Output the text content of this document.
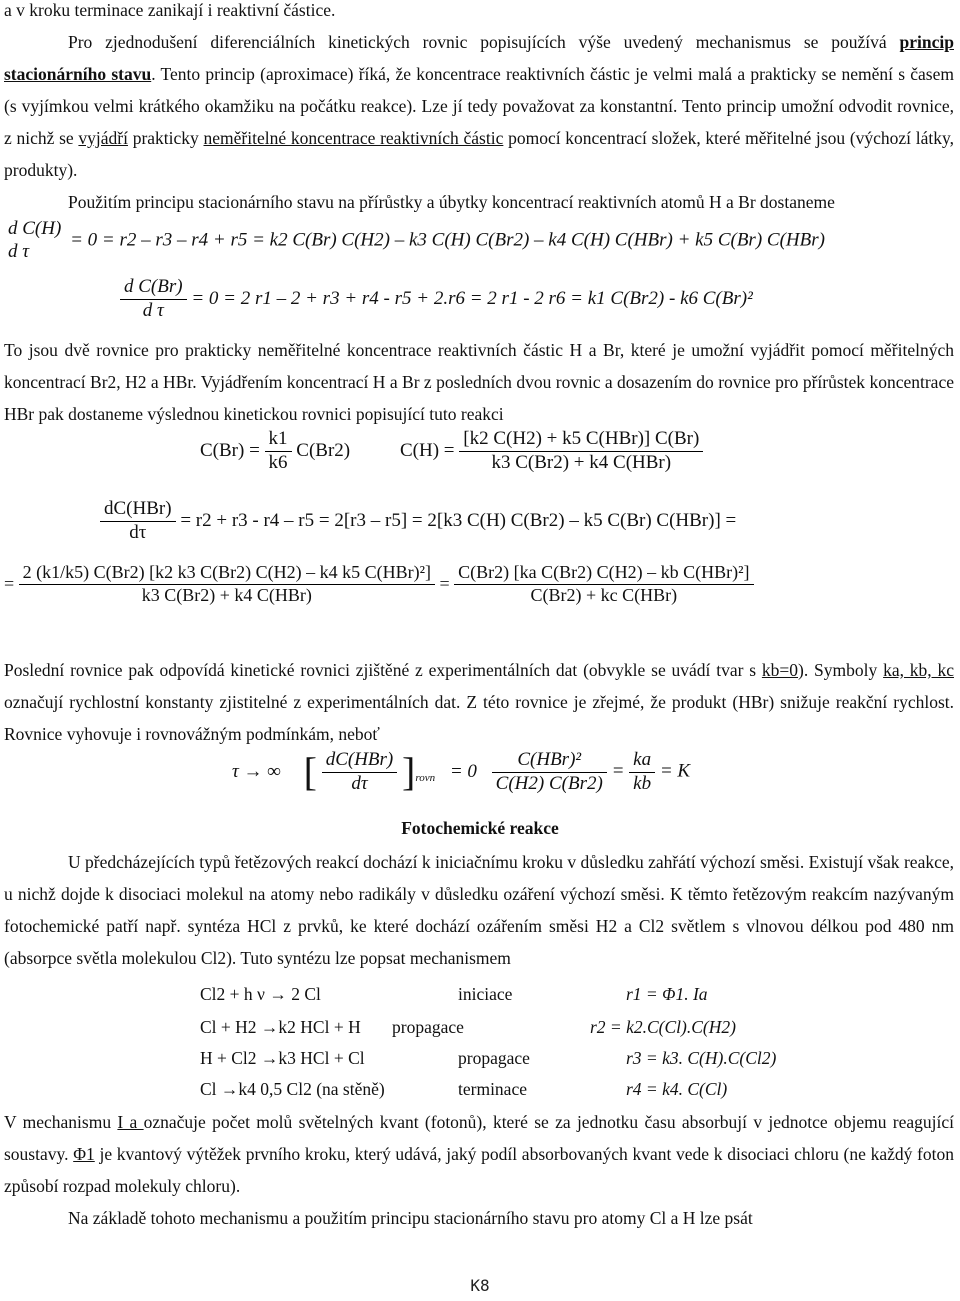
a v kroku terminace zanikají i reaktivní částice.

Pro zjednodušení diferenciálních kinetických rovnic popisujících výše uvedený mechanismus se používá princip stacionárního stavu. Tento princip (aproximace) říká, že koncentrace reaktivních částic je velmi malá a prakticky se nemění s časem (s vyjímkou velmi krátkého okamžiku na počátku reakce). Lze jí tedy považovat za konstantní. Tento princip umožní odvodit rovnice, z nichž se vyjádří prakticky neměřitelné koncentrace reaktivních částic pomocí koncentrací složek, které měřitelné jsou (výchozí látky, produkty).

Použitím principu stacionárního stavu na přírůstky a úbytky koncentrací reaktivních atomů H a Br dostaneme

d C(H)
d τ
= 0 = r2 – r3 – r4 + r5 = k2 C(Br) C(H2) – k3 C(H) C(Br2) – k4 C(H) C(HBr) + k5 C(Br) C(HBr)
$\frac{\text{d C(Br)}}{\text{d τ}} = 0 = 2$ r1 – 2 + r3 + r4 - r5 + 2.r6 = 2 r1 - 2 r6 = k1 C(Br2) - k6 C(Br)²

To jsou dvě rovnice pro prakticky neměřitelné koncentrace reaktivních částic H a Br, které je umožní vyjádřit pomocí měřitelných koncentrací Br2, H2 a HBr. Vyjádřením koncentrací H a Br z posledních dvou rovnic a dosazením do rovnice pro přírůstek koncentrace HBr pak dostaneme výslednou kinetickou rovnici popisující tuto reakci

$C(Br) = \frac{k1}{k6} C(Br2)$	$C(H) = \frac{\text{[k2 C(H2) + k5 C(HBr)] C(Br)}}{\text{k3 C(Br2) + k4 C(HBr)}}$
$\frac{\text{dC(HBr)}}{d\tau} = r2 + r3 - r4 - r5 = 2[r3 - r5] = 2[k3$ C(H) C(Br2) – k5 C(Br) C(HBr)] =
= $\frac{\text{2 (k1/k5) C(Br2) [k2 k3 C(Br2) C(H2) – k4 k5 C(HBr)²]}}{\text{k3 C(Br2) + k4 C(HBr)}} = \frac{\text{C(Br2) [ka C(Br2) C(H2) – kb C(HBr)²]}}{\text{C(Br2) + kc C(HBr)}}$

Poslední rovnice pak odpovídá kinetické rovnici zjištěné z experimentálních dat (obvykle se uvádí tvar s kb=0). Symboly ka, kb, kc označují rychlostní konstanty zjistitelné z experimentálních dat. Z této rovnice je zřejmé, že produkt (HBr) snižuje reakční rychlost. Rovnice vyhovuje i rovnovážným podmínkám, neboť

τ → ∞ [ $\frac{\text{dC(HBr)}}{d\tau} ]_{rovn} = 0 \frac{\text{C(HBr)²}}{C(H2) C(Br2)} = \frac{ka}{kb} = K$
Fotochemické reakce

U předcházejících typů řetězových reakcí dochází k iniciačnímu kroku v důsledku zahřátí výchozí směsi. Existují však reakce, u nichž dojde k disociaci molekul na atomy nebo radikály v důsledku ozáření výchozí směsi. K těmto řetězovým reakcím nazývaným fotochemické patří např. syntéza HCl z prvků, ke které dochází ozářením směsi H2 a Cl2 světlem s vlnovou délkou pod 480 nm (absorpce světla molekulou Cl2). Tuto syntézu lze popsat mechanismem

Cl2 + h ν → 2 Cl	iniciace	r1 = Φ1. Ia
Cl + H2 →k2 HCl + H propagace	r2 = k2.C(Cl).C(H2)
H + Cl2 →k3 HCl + Cl	propagace	r3 = k3. C(H).C(Cl2)
Cl →k4 0,5 Cl2 (na stěně)	terminace	r4 = k4. C(Cl)

V mechanismu I a označuje počet molů světelných kvant (fotonů), které se za jednotku času absorbují v jednotce objemu reagující soustavy. Φ1 je kvantový výtěžek prvního kroku, který udává, jaký podíl absorbovaných kvant vede k disociaci chloru (ne každý foton způsobí rozpad molekuly chloru).

Na základě tohoto mechanismu a použitím principu stacionárního stavu pro atomy Cl a H lze psát

K8
